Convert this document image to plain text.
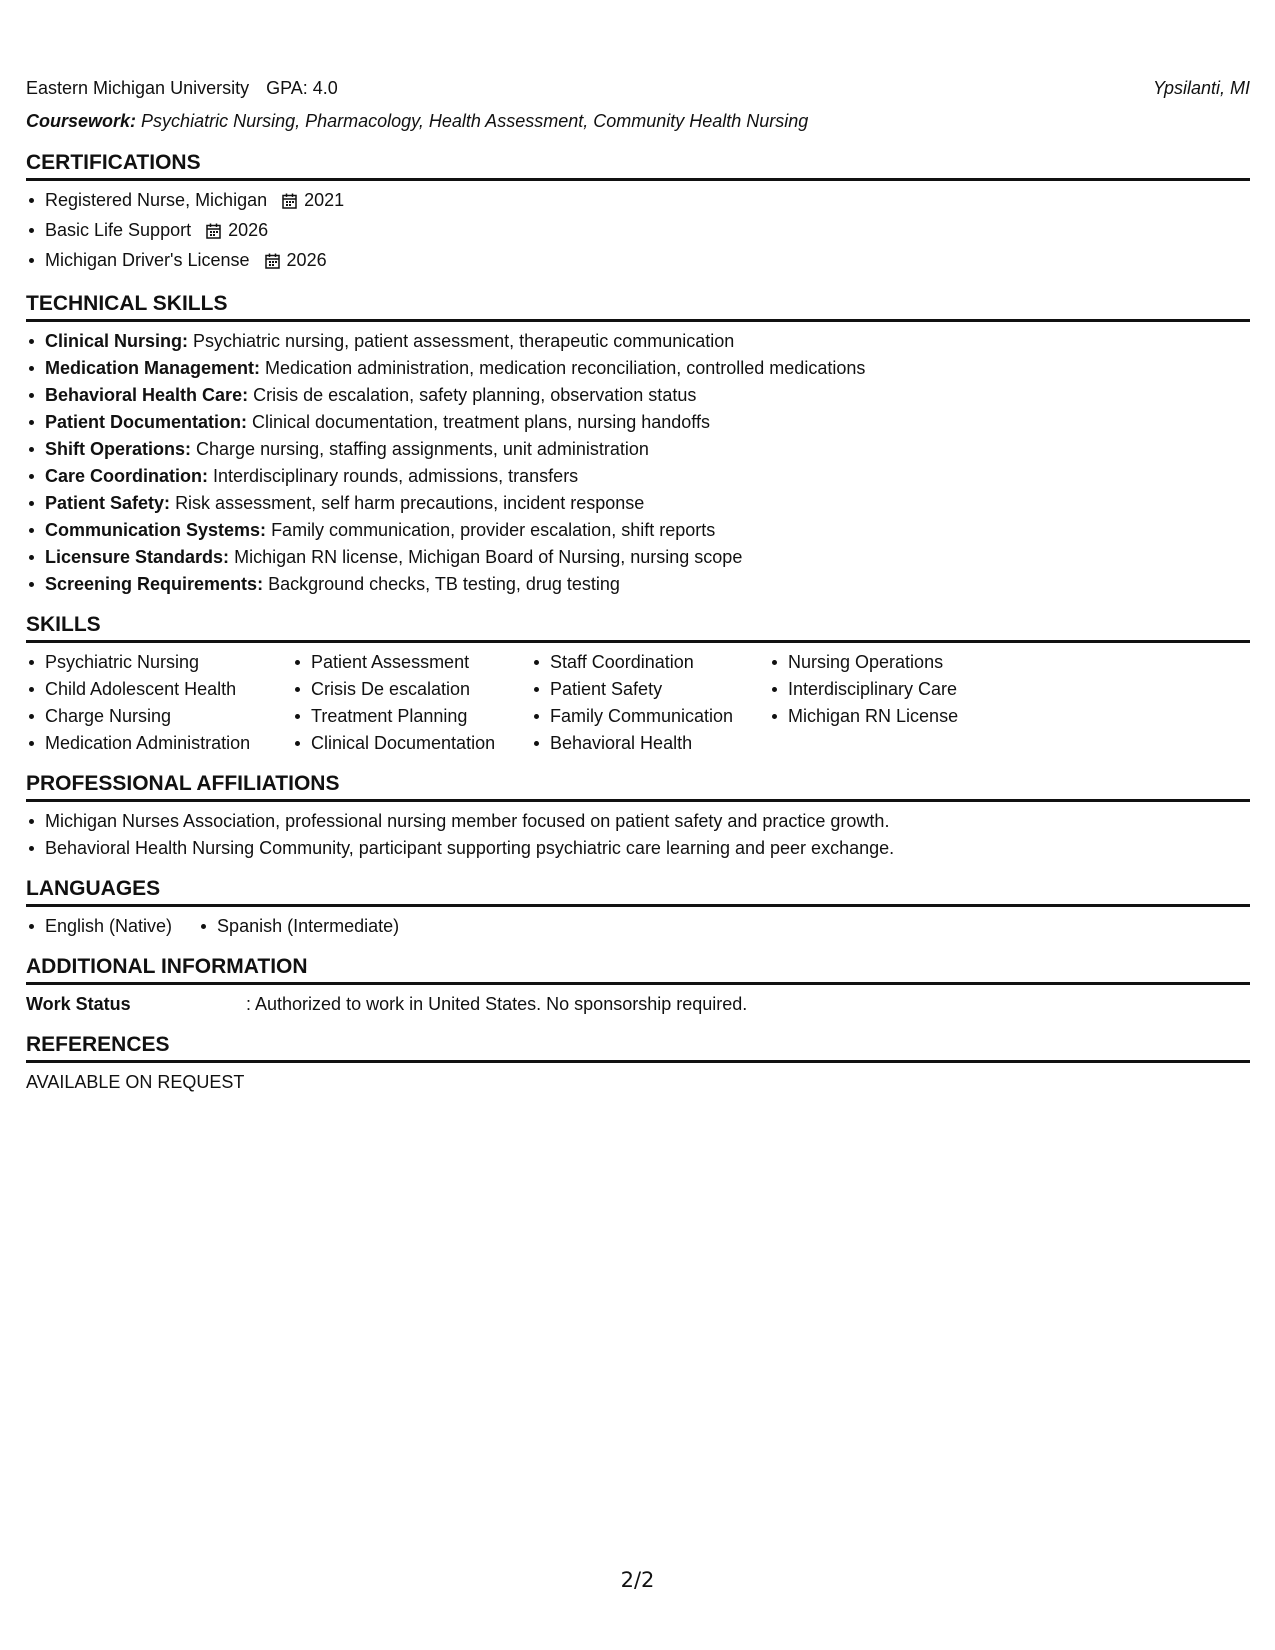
Eastern Michigan University GPA: 4.0	Ypsilanti, MI
Coursework: Psychiatric Nursing, Pharmacology, Health Assessment, Community Health Nursing
CERTIFICATIONS
Registered Nurse, Michigan 2021
Basic Life Support 2026
Michigan Driver's License 2026
TECHNICAL SKILLS
Clinical Nursing: Psychiatric nursing, patient assessment, therapeutic communication
Medication Management: Medication administration, medication reconciliation, controlled medications
Behavioral Health Care: Crisis de escalation, safety planning, observation status
Patient Documentation: Clinical documentation, treatment plans, nursing handoffs
Shift Operations: Charge nursing, staffing assignments, unit administration
Care Coordination: Interdisciplinary rounds, admissions, transfers
Patient Safety: Risk assessment, self harm precautions, incident response
Communication Systems: Family communication, provider escalation, shift reports
Licensure Standards: Michigan RN license, Michigan Board of Nursing, nursing scope
Screening Requirements: Background checks, TB testing, drug testing
SKILLS
Psychiatric Nursing
Child Adolescent Health
Charge Nursing
Medication Administration
Patient Assessment
Crisis De escalation
Treatment Planning
Clinical Documentation
Staff Coordination
Patient Safety
Family Communication
Behavioral Health
Nursing Operations
Interdisciplinary Care
Michigan RN License
PROFESSIONAL AFFILIATIONS
Michigan Nurses Association, professional nursing member focused on patient safety and practice growth.
Behavioral Health Nursing Community, participant supporting psychiatric care learning and peer exchange.
LANGUAGES
English (Native)	Spanish (Intermediate)
ADDITIONAL INFORMATION
Work Status	: Authorized to work in United States. No sponsorship required.
REFERENCES
AVAILABLE ON REQUEST
2/2
